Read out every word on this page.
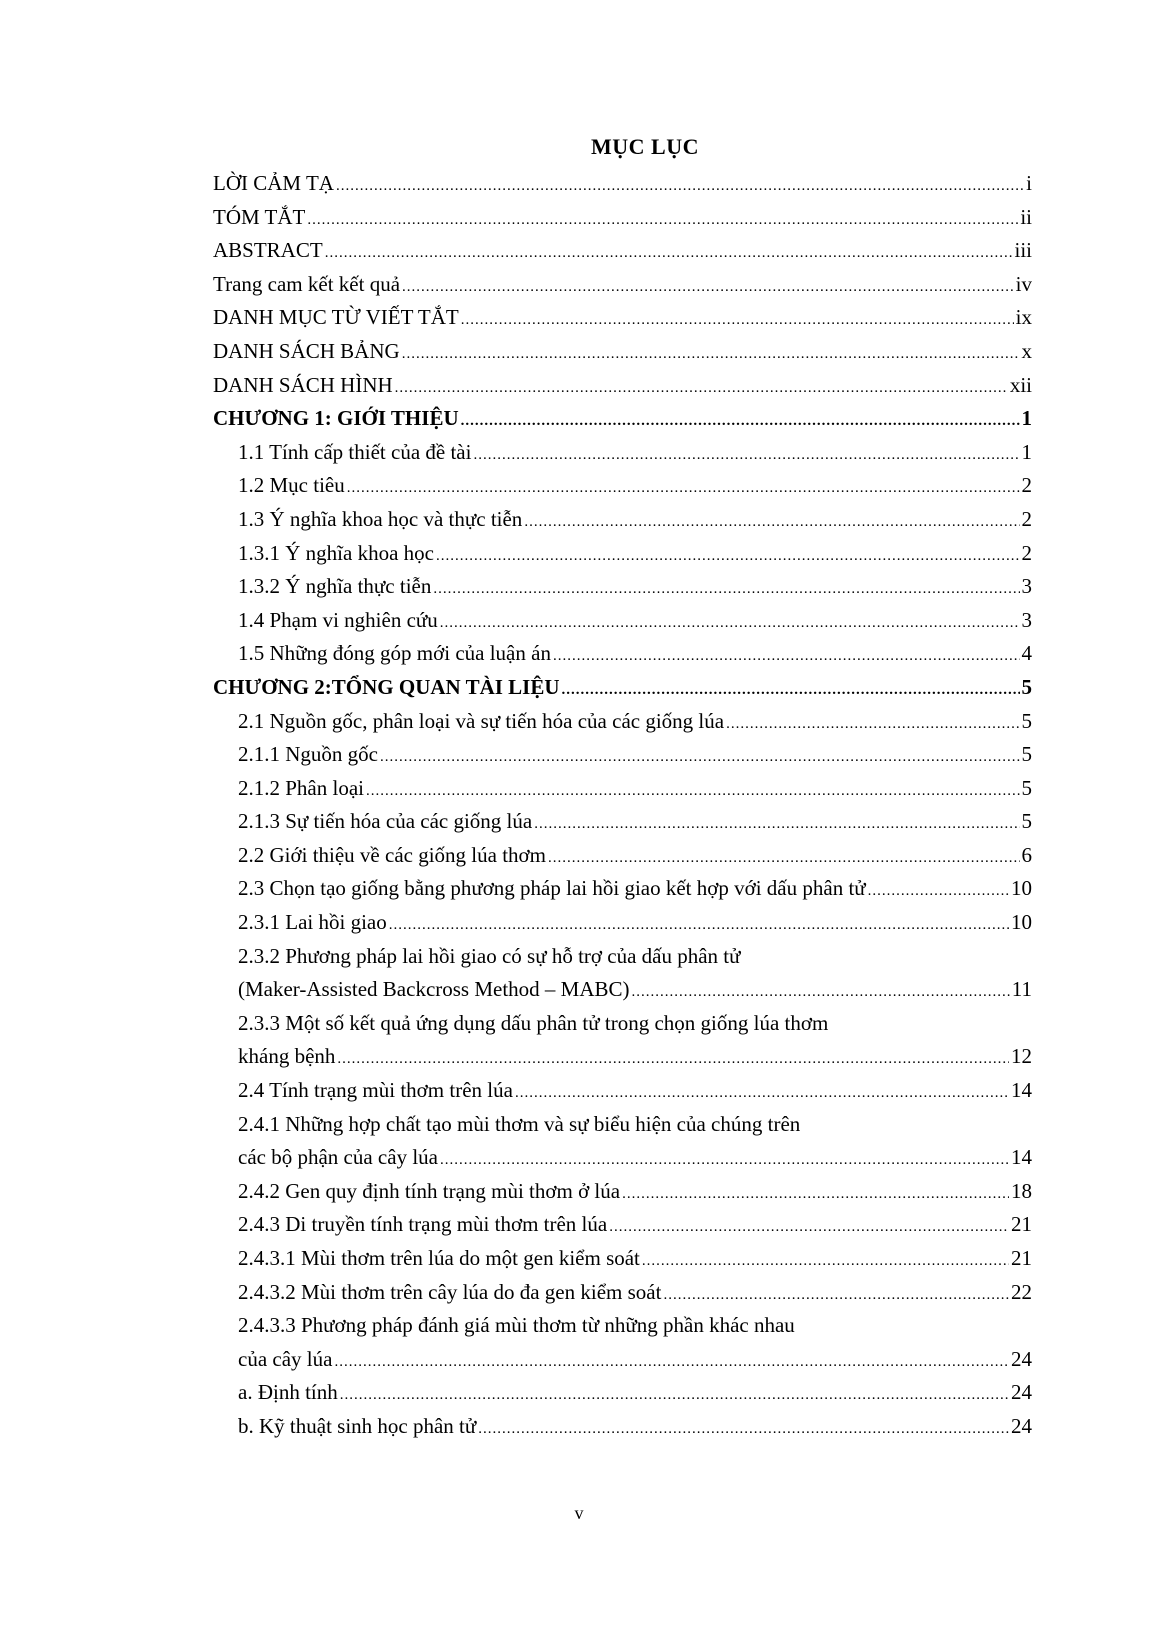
MỤC LỤC
LỜI CẢM TẠ .....	i
TÓM TẮT .....	ii
ABSTRACT .....	iii
Trang cam kết kết quả .....	iv
DANH MỤC TỪ VIẾT TẮT .....	ix
DANH SÁCH BẢNG .....	x
DANH SÁCH HÌNH .....	xii
CHƯƠNG 1: GIỚI THIỆU .....	1
1.1 Tính cấp thiết của đề tài .....	1
1.2 Mục tiêu .....	2
1.3 Ý nghĩa khoa học và thực tiễn .....	2
1.3.1 Ý nghĩa khoa học .....	2
1.3.2 Ý nghĩa thực tiễn .....	3
1.4 Phạm vi nghiên cứu .....	3
1.5 Những đóng góp mới của luận án .....	4
CHƯƠNG 2:TỔNG QUAN TÀI LIỆU .....	5
2.1 Nguồn gốc, phân loại và sự tiến hóa của các giống lúa .....	5
2.1.1 Nguồn gốc .....	5
2.1.2 Phân loại .....	5
2.1.3 Sự tiến hóa của các giống lúa .....	5
2.2 Giới thiệu về các giống lúa thơm .....	6
2.3 Chọn tạo giống bằng phương pháp lai hồi giao kết hợp với dấu phân tử .....	10
2.3.1 Lai hồi giao .....	10
2.3.2 Phương pháp lai hồi giao có sự hỗ trợ của dấu phân tử
(Maker-Assisted Backcross Method – MABC) .....	11
2.3.3 Một số kết quả ứng dụng dấu phân tử trong chọn giống lúa thơm
kháng bệnh .....	12
2.4 Tính trạng mùi thơm trên lúa .....	14
2.4.1 Những hợp chất tạo mùi thơm và sự biểu hiện của chúng trên
các bộ phận của cây lúa .....	14
2.4.2 Gen quy định tính trạng mùi thơm ở lúa .....	18
2.4.3 Di truyền tính trạng mùi thơm trên lúa .....	21
2.4.3.1 Mùi thơm trên lúa do một gen kiểm soát .....	21
2.4.3.2 Mùi thơm trên cây lúa do đa gen kiểm soát .....	22
2.4.3.3 Phương pháp đánh giá mùi thơm từ những phần khác nhau
của cây lúa .....	24
a. Định tính .....	24
b. Kỹ thuật sinh học phân tử .....	24
v
